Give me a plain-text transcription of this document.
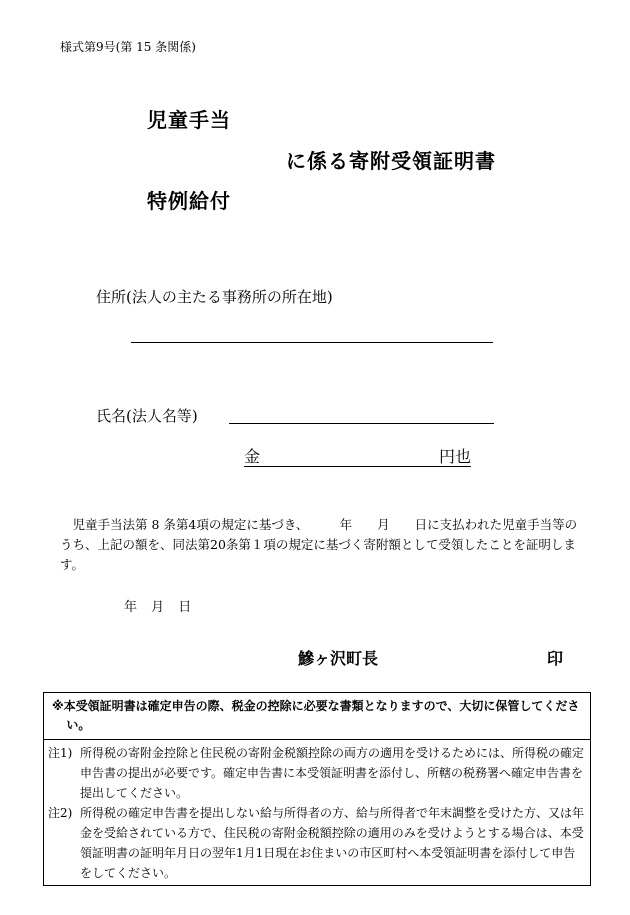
様式第9号(第 15 条関係)
児童手当
に係る寄附受領証明書
特例給付
住所(法人の主たる事務所の所在地)
氏名(法人名等)
金	円也
児童手当法第 8 条第4項の規定に基づき、　　　年　　月　　日に支払われた児童手当等のうち、上記の額を、同法第20条第１項の規定に基づく寄附額として受領したことを証明します。
年 月 日
鰺ヶ沢町長	印
※本受領証明書は確定申告の際、税金の控除に必要な書類となりますので、大切に保管してください。
注1) 所得税の寄附金控除と住民税の寄附金税額控除の両方の適用を受けるためには、所得税の確定申告書の提出が必要です。確定申告書に本受領証明書を添付し、所轄の税務署へ確定申告書を提出してください。
注2) 所得税の確定申告書を提出しない給与所得者の方、給与所得者で年末調整を受けた方、又は年金を受給されている方で、住民税の寄附金税額控除の適用のみを受けようとする場合は、本受領証明書の証明年月日の翌年1月1日現在お住まいの市区町村へ本受領証明書を添付して申告をしてください。
